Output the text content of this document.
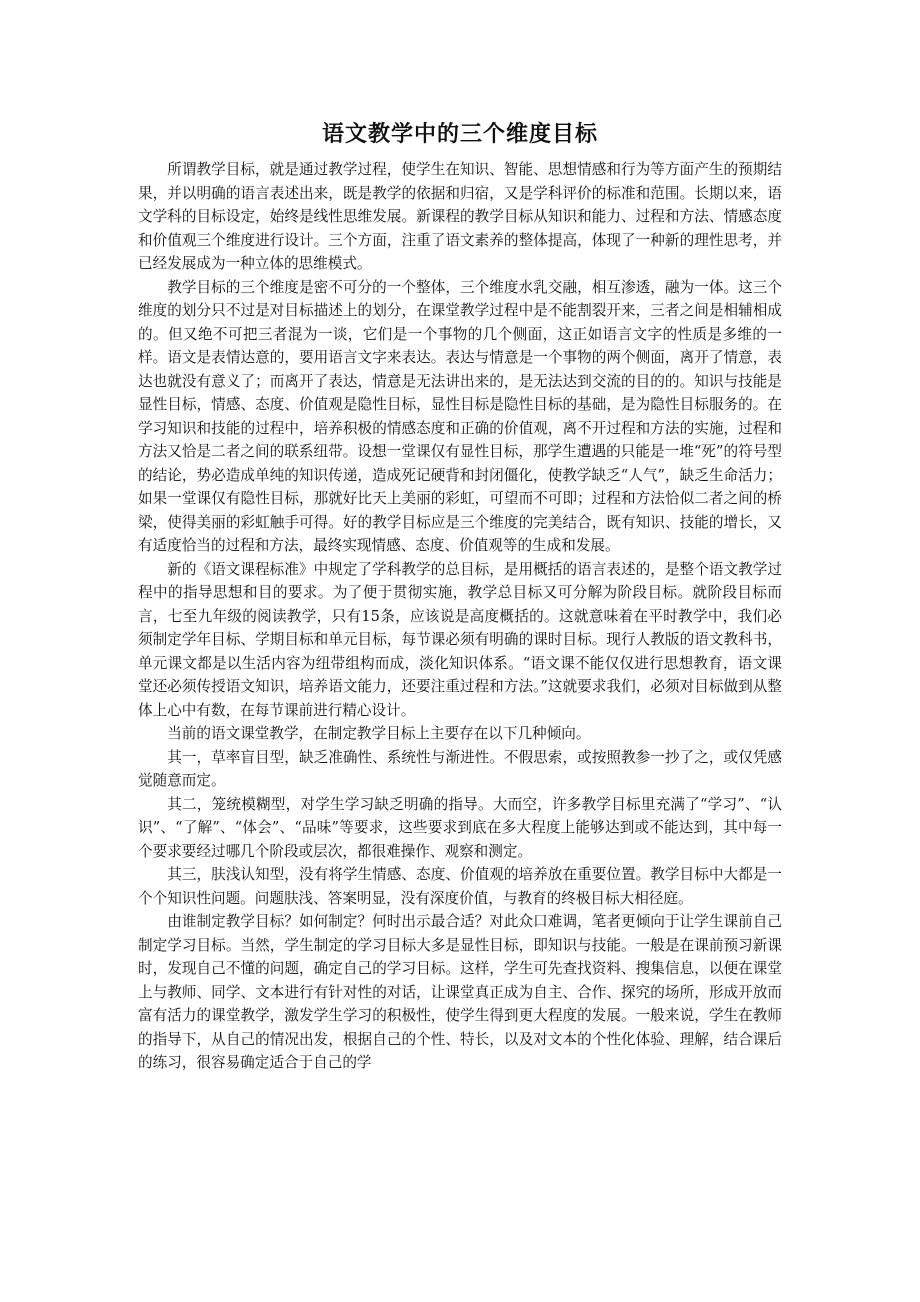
语文教学中的三个维度目标

所谓教学目标，就是通过教学过程，使学生在知识、智能、思想情感和行为等方面产生的预期结果，并以明确的语言表述出来，既是教学的依据和归宿，又是学科评价的标准和范围。长期以来，语文学科的目标设定，始终是线性思维发展。新课程的教学目标从知识和能力、过程和方法、情感态度和价值观三个维度进行设计。三个方面，注重了语文素养的整体提高，体现了一种新的理性思考，并已经发展成为一种立体的思维模式。

教学目标的三个维度是密不可分的一个整体，三个维度水乳交融，相互渗透，融为一体。这三个维度的划分只不过是对目标描述上的划分，在课堂教学过程中是不能割裂开来，三者之间是相辅相成的。但又绝不可把三者混为一谈，它们是一个事物的几个侧面，这正如语言文字的性质是多维的一样。语文是表情达意的，要用语言文字来表达。表达与情意是一个事物的两个侧面，离开了情意，表达也就没有意义了；而离开了表达，情意是无法讲出来的，是无法达到交流的目的的。知识与技能是显性目标，情感、态度、价值观是隐性目标，显性目标是隐性目标的基础，是为隐性目标服务的。在学习知识和技能的过程中，培养积极的情感态度和正确的价值观，离不开过程和方法的实施，过程和方法又恰是二者之间的联系纽带。设想一堂课仅有显性目标，那学生遭遇的只能是一堆“死”的符号型的结论，势必造成单纯的知识传递，造成死记硬背和封闭僵化，使教学缺乏“人气”，缺乏生命活力；如果一堂课仅有隐性目标，那就好比天上美丽的彩虹，可望而不可即；过程和方法恰似二者之间的桥梁，使得美丽的彩虹触手可得。好的教学目标应是三个维度的完美结合，既有知识、技能的增长，又有适度恰当的过程和方法，最终实现情感、态度、价值观等的生成和发展。

新的《语文课程标准》中规定了学科教学的总目标，是用概括的语言表述的，是整个语文教学过程中的指导思想和目的要求。为了便于贯彻实施，教学总目标又可分解为阶段目标。就阶段目标而言，七至九年级的阅读教学，只有15条，应该说是高度概括的。这就意味着在平时教学中，我们必须制定学年目标、学期目标和单元目标，每节课必须有明确的课时目标。现行人教版的语文教科书，单元课文都是以生活内容为纽带组构而成，淡化知识体系。“语文课不能仅仅进行思想教育，语文课堂还必须传授语文知识，培养语文能力，还要注重过程和方法。”这就要求我们，必须对目标做到从整体上心中有数，在每节课前进行精心设计。

当前的语文课堂教学，在制定教学目标上主要存在以下几种倾向。

其一，草率盲目型，缺乏准确性、系统性与渐进性。不假思索，或按照教参一抄了之，或仅凭感觉随意而定。

其二，笼统模糊型，对学生学习缺乏明确的指导。大而空，许多教学目标里充满了“学习”、“认识”、“了解”、“体会”、“品味”等要求，这些要求到底在多大程度上能够达到或不能达到，其中每一个要求要经过哪几个阶段或层次，都很难操作、观察和测定。

其三，肤浅认知型，没有将学生情感、态度、价值观的培养放在重要位置。教学目标中大都是一个个知识性问题。问题肤浅、答案明显，没有深度价值，与教育的终极目标大相径庭。

由谁制定教学目标？如何制定？何时出示最合适？对此众口难调，笔者更倾向于让学生课前自己制定学习目标。当然，学生制定的学习目标大多是显性目标，即知识与技能。一般是在课前预习新课时，发现自己不懂的问题，确定自己的学习目标。这样，学生可先查找资料、搜集信息，以便在课堂上与教师、同学、文本进行有针对性的对话，让课堂真正成为自主、合作、探究的场所，形成开放而富有活力的课堂教学，激发学生学习的积极性，使学生得到更大程度的发展。一般来说，学生在教师的指导下，从自己的情况出发，根据自己的个性、特长，以及对文本的个性化体验、理解，结合课后的练习，很容易确定适合于自己的学
